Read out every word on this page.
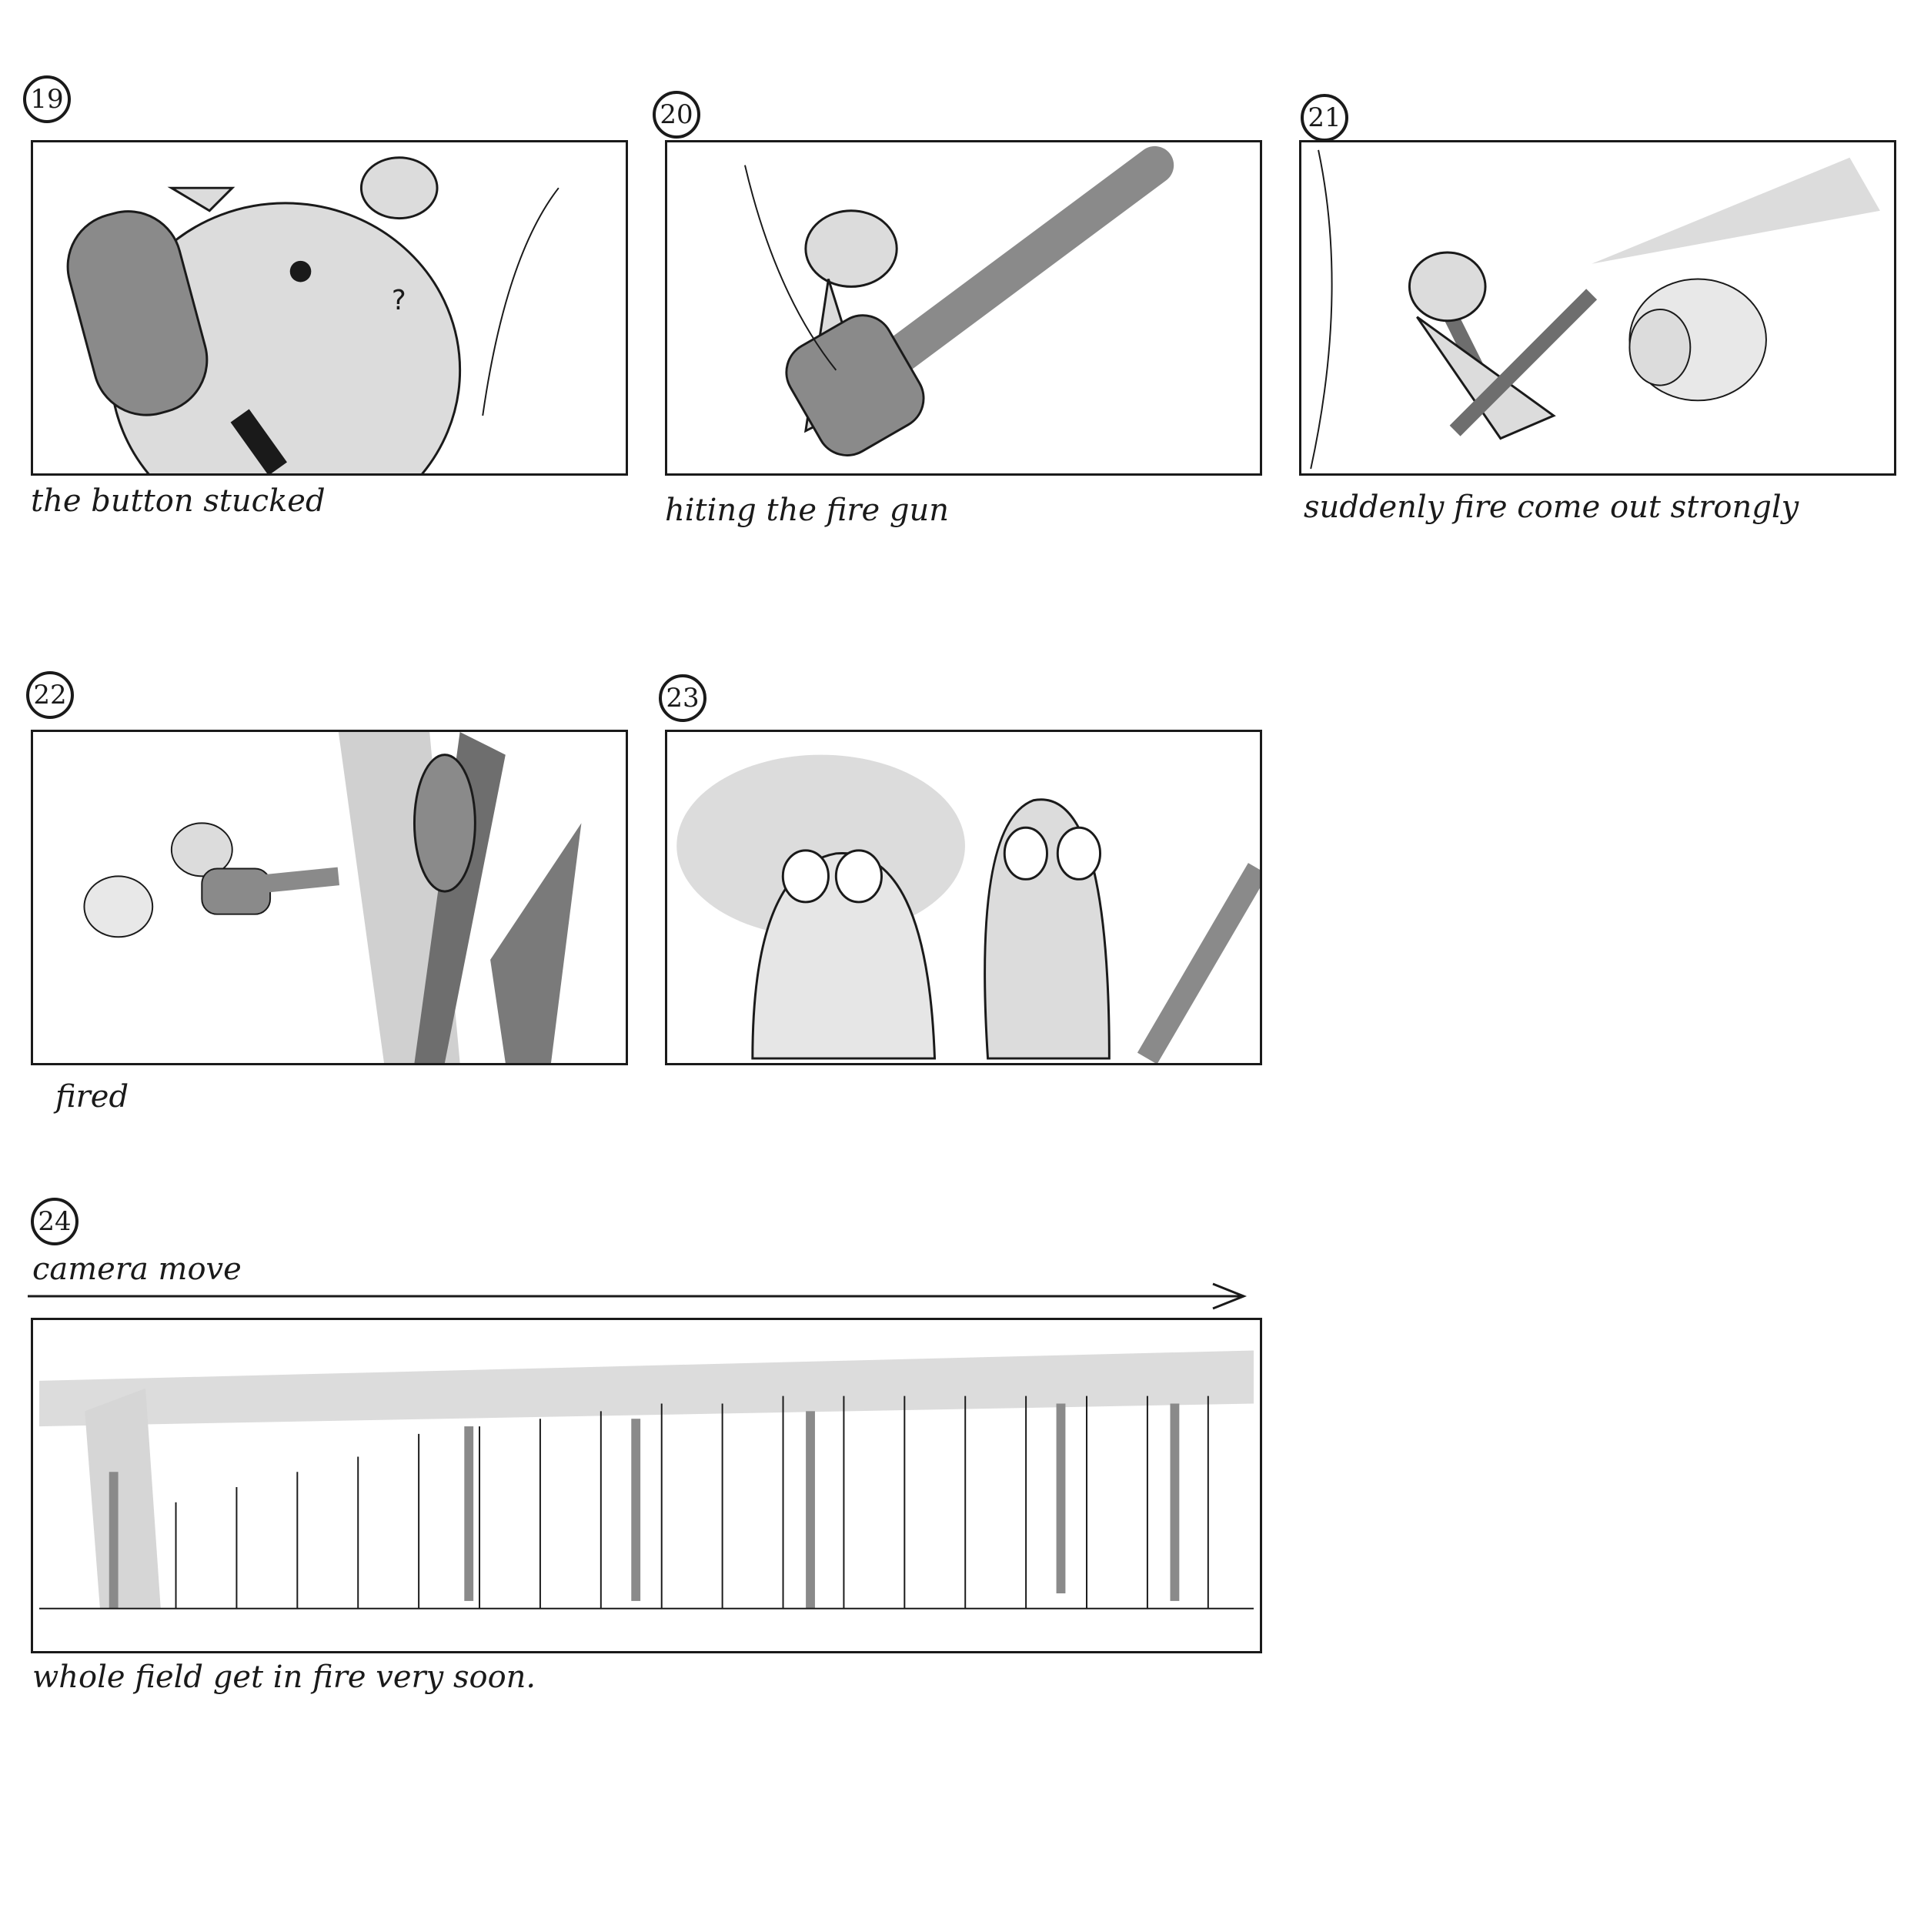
19
?
the button stucked
20
hiting the fire gun
21
suddenly fire come out strongly
22
fired
23
24
camera move
whole field get in fire very soon.
